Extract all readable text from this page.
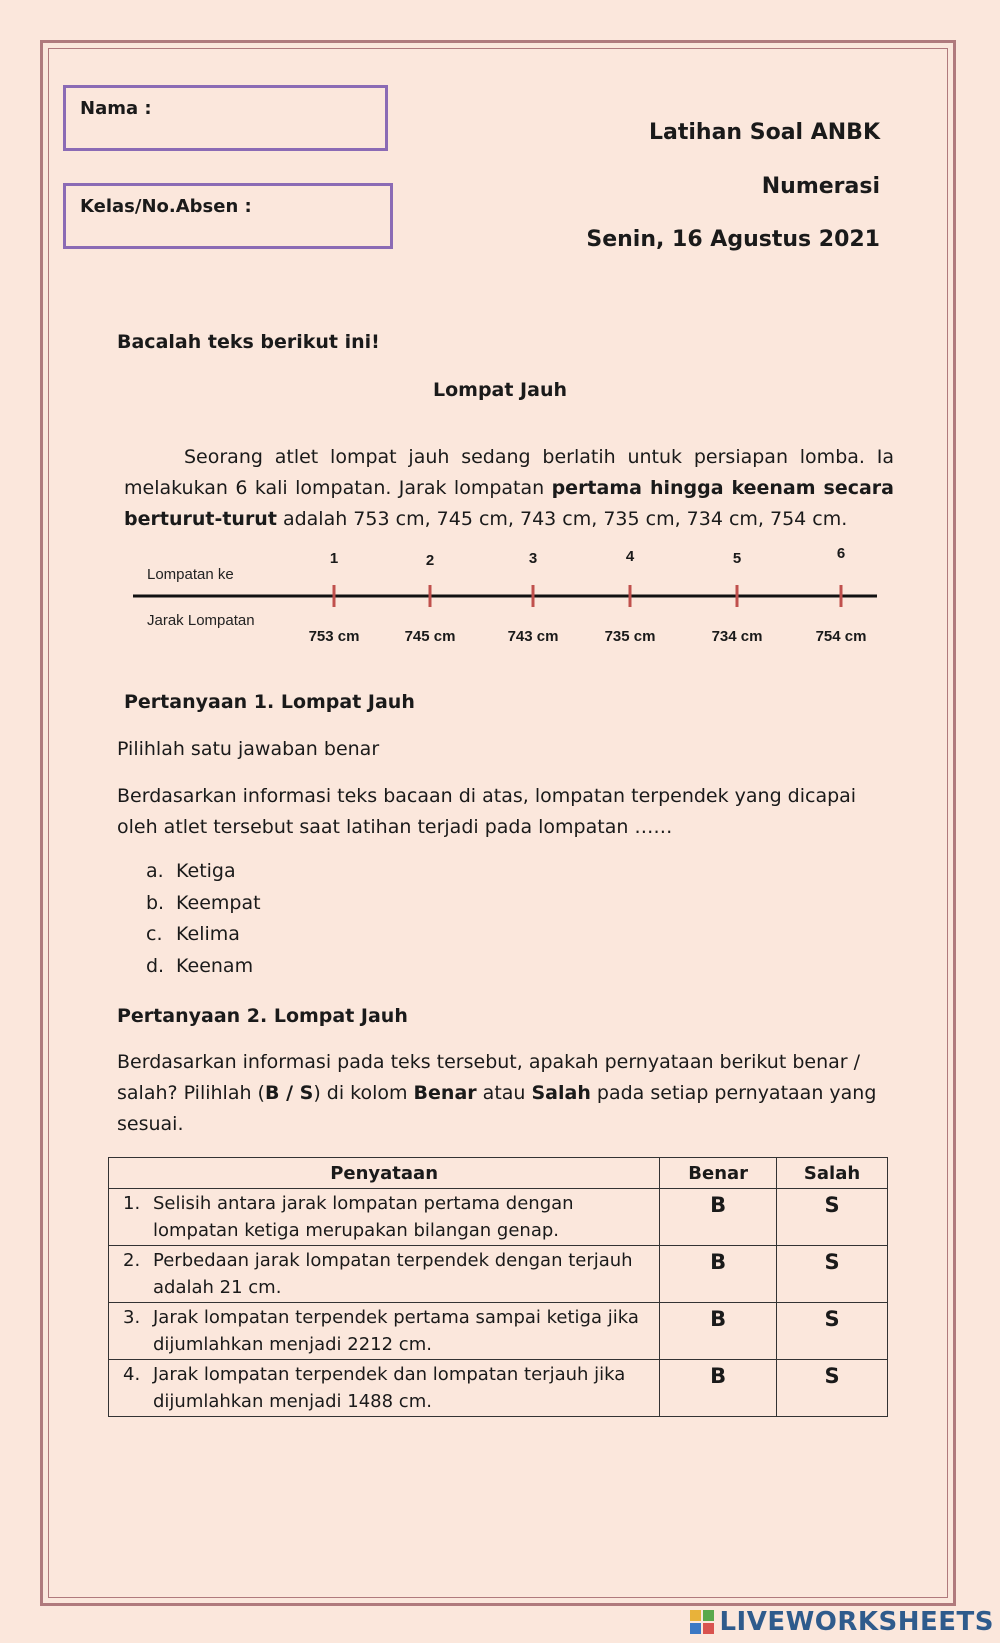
Nama :
Kelas/No.Absen :
Latihan Soal ANBK
Numerasi
Senin, 16 Agustus 2021
Bacalah teks berikut ini!
Lompat Jauh

Seorang atlet lompat jauh sedang berlatih untuk persiapan lomba. Ia melakukan 6 kali lompatan. Jarak lompatan pertama hingga keenam secara berturut-turut adalah 753 cm, 745 cm, 743 cm, 735 cm, 734 cm, 754 cm.

Lompatan ke
Jarak Lompatan
1	2	3	4	5	6
753 cm	745 cm	743 cm	735 cm	734 cm	754 cm
Pertanyaan 1. Lompat Jauh
Pilihlah satu jawaban benar
Berdasarkan informasi teks bacaan di atas, lompatan terpendek yang dicapai oleh atlet tersebut saat latihan terjadi pada lompatan ……
a. Ketiga
b. Keempat
c. Kelima
d. Keenam
Pertanyaan 2. Lompat Jauh

Berdasarkan informasi pada teks tersebut, apakah pernyataan berikut benar / salah? Pilihlah (B / S) di kolom Benar atau Salah pada setiap pernyataan yang sesuai.

Penyataan	Benar	Salah

1. Selisih antara jarak lompatan pertama dengan lompatan ketiga merupakan bilangan genap.	B	S

2. Perbedaan jarak lompatan terpendek dengan terjauh adalah 21 cm.	B	S

3. Jarak lompatan terpendek pertama sampai ketiga jika dijumlahkan menjadi 2212 cm.	B	S

4. Jarak lompatan terpendek dan lompatan terjauh jika dijumlahkan menjadi 1488 cm.	B	S
LIVEWORKSHEETS
